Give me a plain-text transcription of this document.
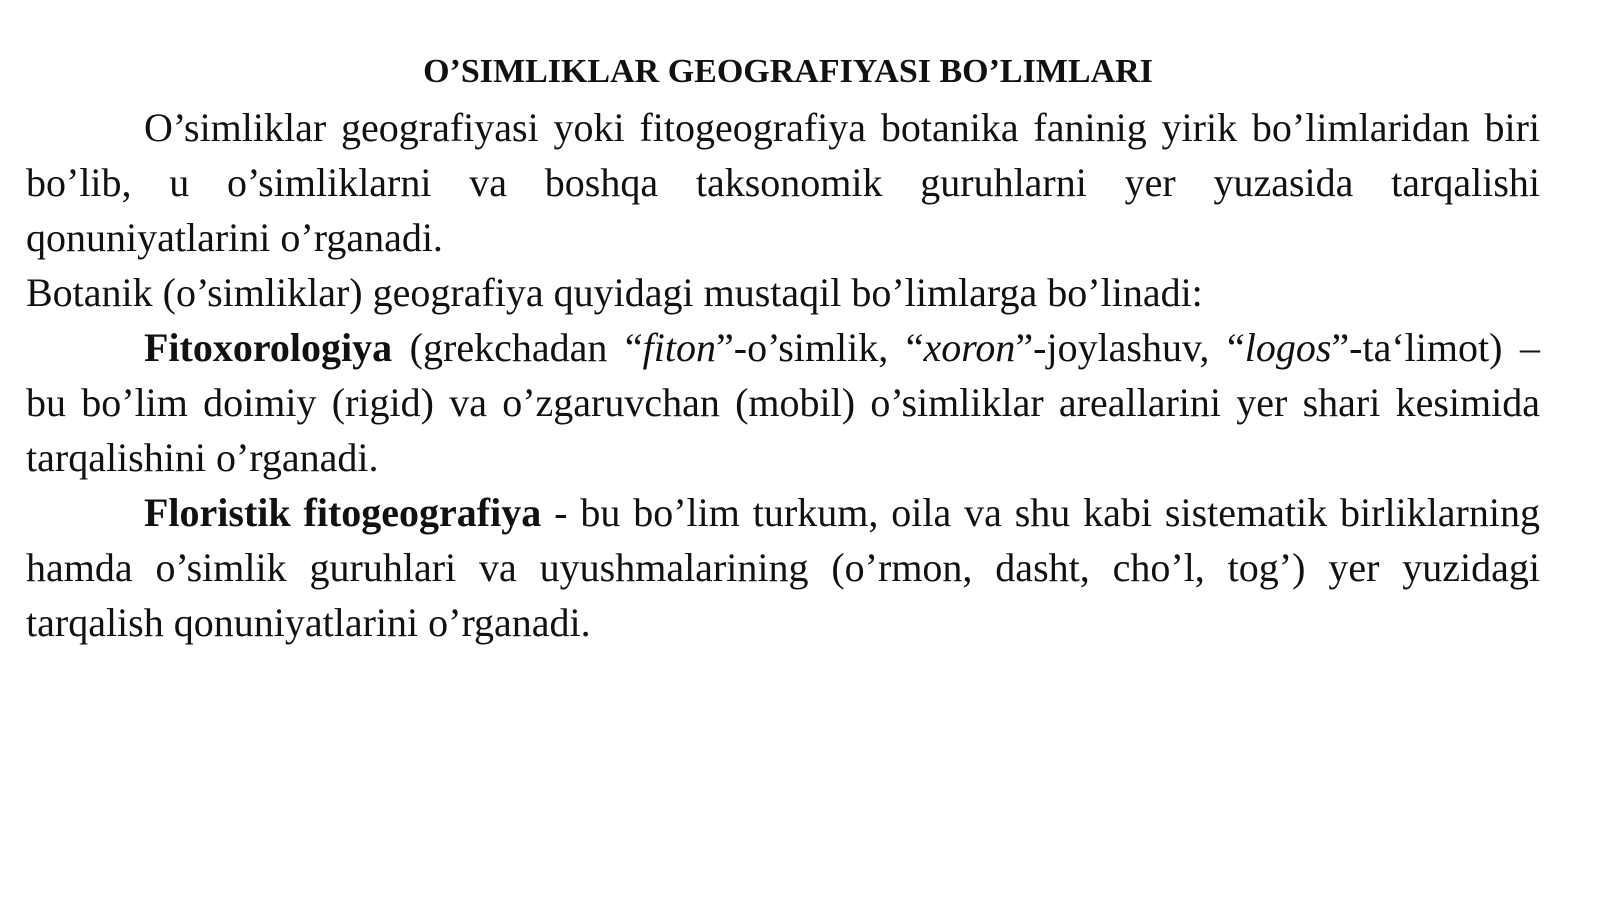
O’SIMLIKLAR GEOGRAFIYASI BO’LIMLARI

O’simliklar geografiyasi yoki fitogeografiya botanika faninig yirik bo’limlaridan biri bo’lib, u o’simliklarni va boshqa taksonomik guruhlarni yer yuzasida tarqalishi qonuniyatlarini o’rganadi.

Botanik (o’simliklar) geografiya quyidagi mustaqil bo’limlarga bo’linadi:

Fitoxorologiya (grekchadan “fiton”-o’simlik, “xoron”-joylashuv, “logos”-ta‘limot) – bu bo’lim doimiy (rigid) va o’zgaruvchan (mobil) o’simliklar areallarini yer shari kesimida tarqalishini o’rganadi.

Floristik fitogeografiya - bu bo’lim turkum, oila va shu kabi sistematik birliklarning hamda o’simlik guruhlari va uyushmalarining (o’rmon, dasht, cho’l, tog’) yer yuzidagi tarqalish qonuniyatlarini o’rganadi.
